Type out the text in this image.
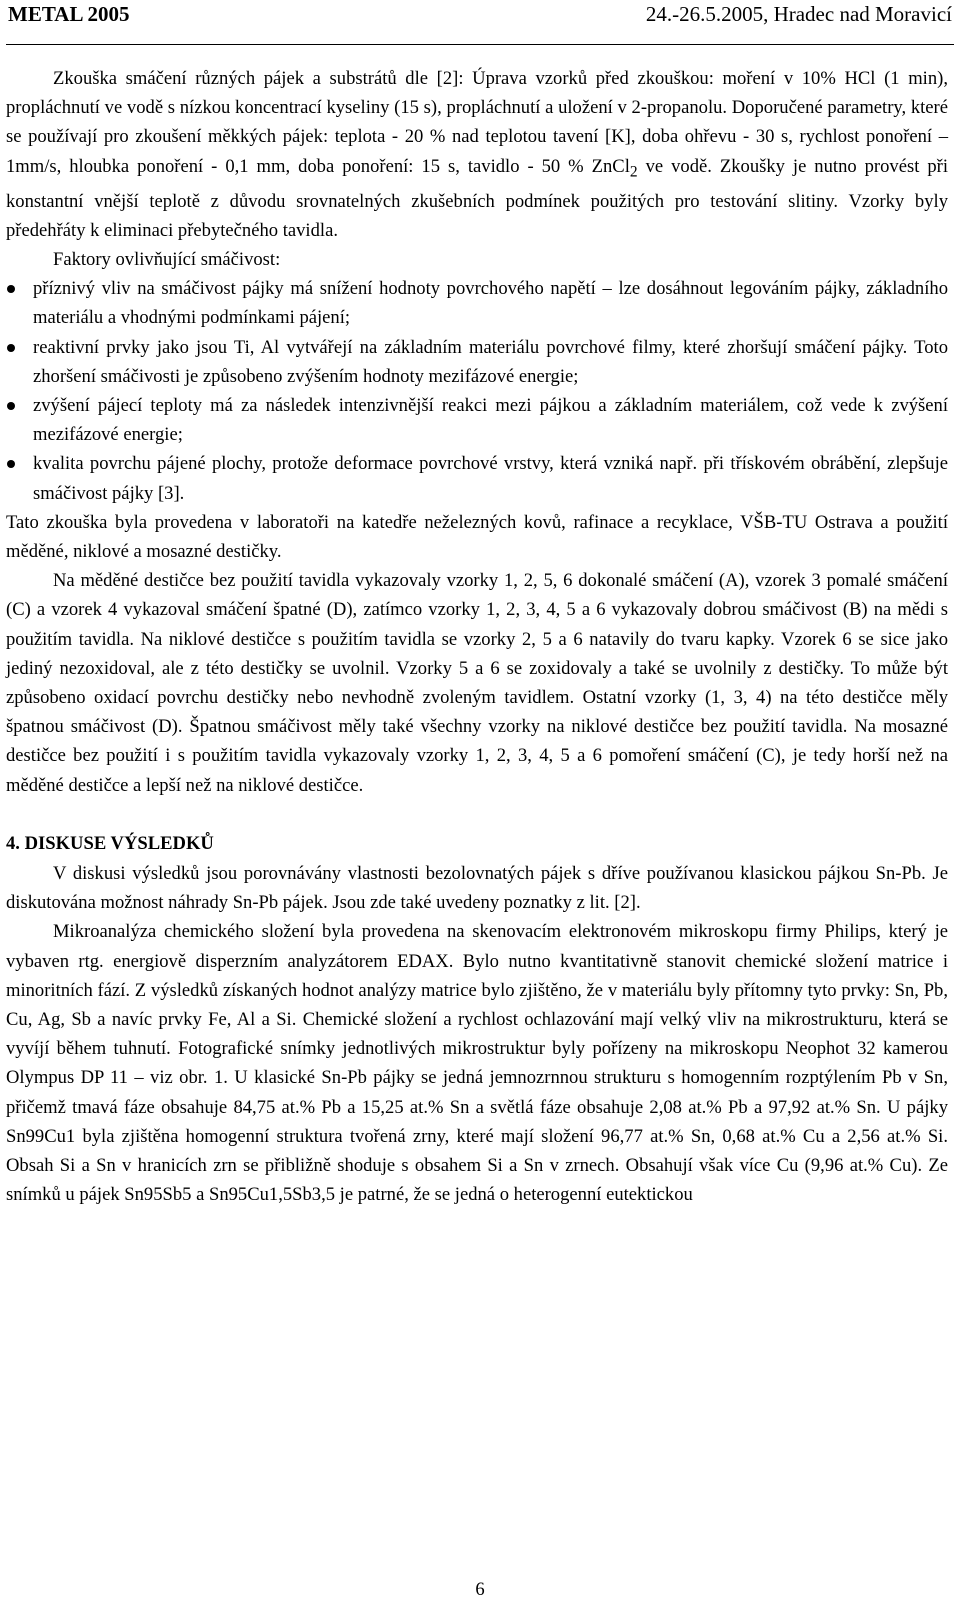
METAL 2005	24.-26.5.2005, Hradec nad Moravicí

Zkouška smáčení různých pájek a substrátů dle [2]: Úprava vzorků před zkouškou: moření v 10% HCl (1 min), propláchnutí ve vodě s nízkou koncentrací kyseliny (15 s), propláchnutí a uložení v 2-propanolu. Doporučené parametry, které se používají pro zkoušení měkkých pájek: teplota - 20 % nad teplotou tavení [K], doba ohřevu - 30 s, rychlost ponoření – 1mm/s, hloubka ponoření - 0,1 mm, doba ponoření: 15 s, tavidlo - 50 % ZnCl$_2$ ve vodě. Zkoušky je nutno provést při konstantní vnější teplotě z důvodu srovnatelných zkušebních podmínek použitých pro testování slitiny. Vzorky byly předehřáty k eliminaci přebytečného tavidla.

Faktory ovlivňující smáčivost:

příznivý vliv na smáčivost pájky má snížení hodnoty povrchového napětí – lze dosáhnout legováním pájky, základního materiálu a vhodnými podmínkami pájení;
reaktivní prvky jako jsou Ti, Al vytvářejí na základním materiálu povrchové filmy, které zhoršují smáčení pájky. Toto zhoršení smáčivosti je způsobeno zvýšením hodnoty mezifázové energie;
zvýšení pájecí teploty má za následek intenzivnější reakci mezi pájkou a základním materiálem, což vede k zvýšení mezifázové energie;
kvalita povrchu pájené plochy, protože deformace povrchové vrstvy, která vzniká např. při třískovém obrábění, zlepšuje smáčivost pájky [3].

Tato zkouška byla provedena v laboratoři na katedře neželezných kovů, rafinace a recyklace, VŠB-TU Ostrava a použití měděné, niklové a mosazné destičky.

Na měděné destičce bez použití tavidla vykazovaly vzorky 1, 2, 5, 6 dokonalé smáčení (A), vzorek 3 pomalé smáčení (C) a vzorek 4 vykazoval smáčení špatné (D), zatímco vzorky 1, 2, 3, 4, 5 a 6 vykazovaly dobrou smáčivost (B) na mědi s použitím tavidla. Na niklové destičce s použitím tavidla se vzorky 2, 5 a 6 natavily do tvaru kapky. Vzorek 6 se sice jako jediný nezoxidoval, ale z této destičky se uvolnil. Vzorky 5 a 6 se zoxidovaly a také se uvolnily z destičky. To může být způsobeno oxidací povrchu destičky nebo nevhodně zvoleným tavidlem. Ostatní vzorky (1, 3, 4) na této destičce měly špatnou smáčivost (D). Špatnou smáčivost měly také všechny vzorky na niklové destičce bez použití tavidla. Na mosazné destičce bez použití i s použitím tavidla vykazovaly vzorky 1, 2, 3, 4, 5 a 6 pomoření smáčení (C), je tedy horší než na měděné destičce a lepší než na niklové destičce.

4. DISKUSE VÝSLEDKŮ

V diskusi výsledků jsou porovnávány vlastnosti bezolovnatých pájek s dříve používanou klasickou pájkou Sn-Pb. Je diskutována možnost náhrady Sn-Pb pájek. Jsou zde také uvedeny poznatky z lit. [2].

Mikroanalýza chemického složení byla provedena na skenovacím elektronovém mikroskopu firmy Philips, který je vybaven rtg. energiově disperzním analyzátorem EDAX. Bylo nutno kvantitativně stanovit chemické složení matrice i minoritních fází. Z výsledků získaných hodnot analýzy matrice bylo zjištěno, že v materiálu byly přítomny tyto prvky: Sn, Pb, Cu, Ag, Sb a navíc prvky Fe, Al a Si. Chemické složení a rychlost ochlazování mají velký vliv na mikrostrukturu, která se vyvíjí během tuhnutí. Fotografické snímky jednotlivých mikrostruktur byly pořízeny na mikroskopu Neophot 32 kamerou Olympus DP 11 – viz obr. 1. U klasické Sn-Pb pájky se jedná jemnozrnnou strukturu s homogenním rozptýlením Pb v Sn, přičemž tmavá fáze obsahuje 84,75 at.% Pb a 15,25 at.% Sn a světlá fáze obsahuje 2,08 at.% Pb a 97,92 at.% Sn. U pájky Sn99Cu1 byla zjištěna homogenní struktura tvořená zrny, které mají složení 96,77 at.% Sn, 0,68 at.% Cu a 2,56 at.% Si. Obsah Si a Sn v hranicích zrn se přibližně shoduje s obsahem Si a Sn v zrnech. Obsahují však více Cu (9,96 at.% Cu). Ze snímků u pájek Sn95Sb5 a Sn95Cu1,5Sb3,5 je patrné, že se jedná o heterogenní eutektickou

6
